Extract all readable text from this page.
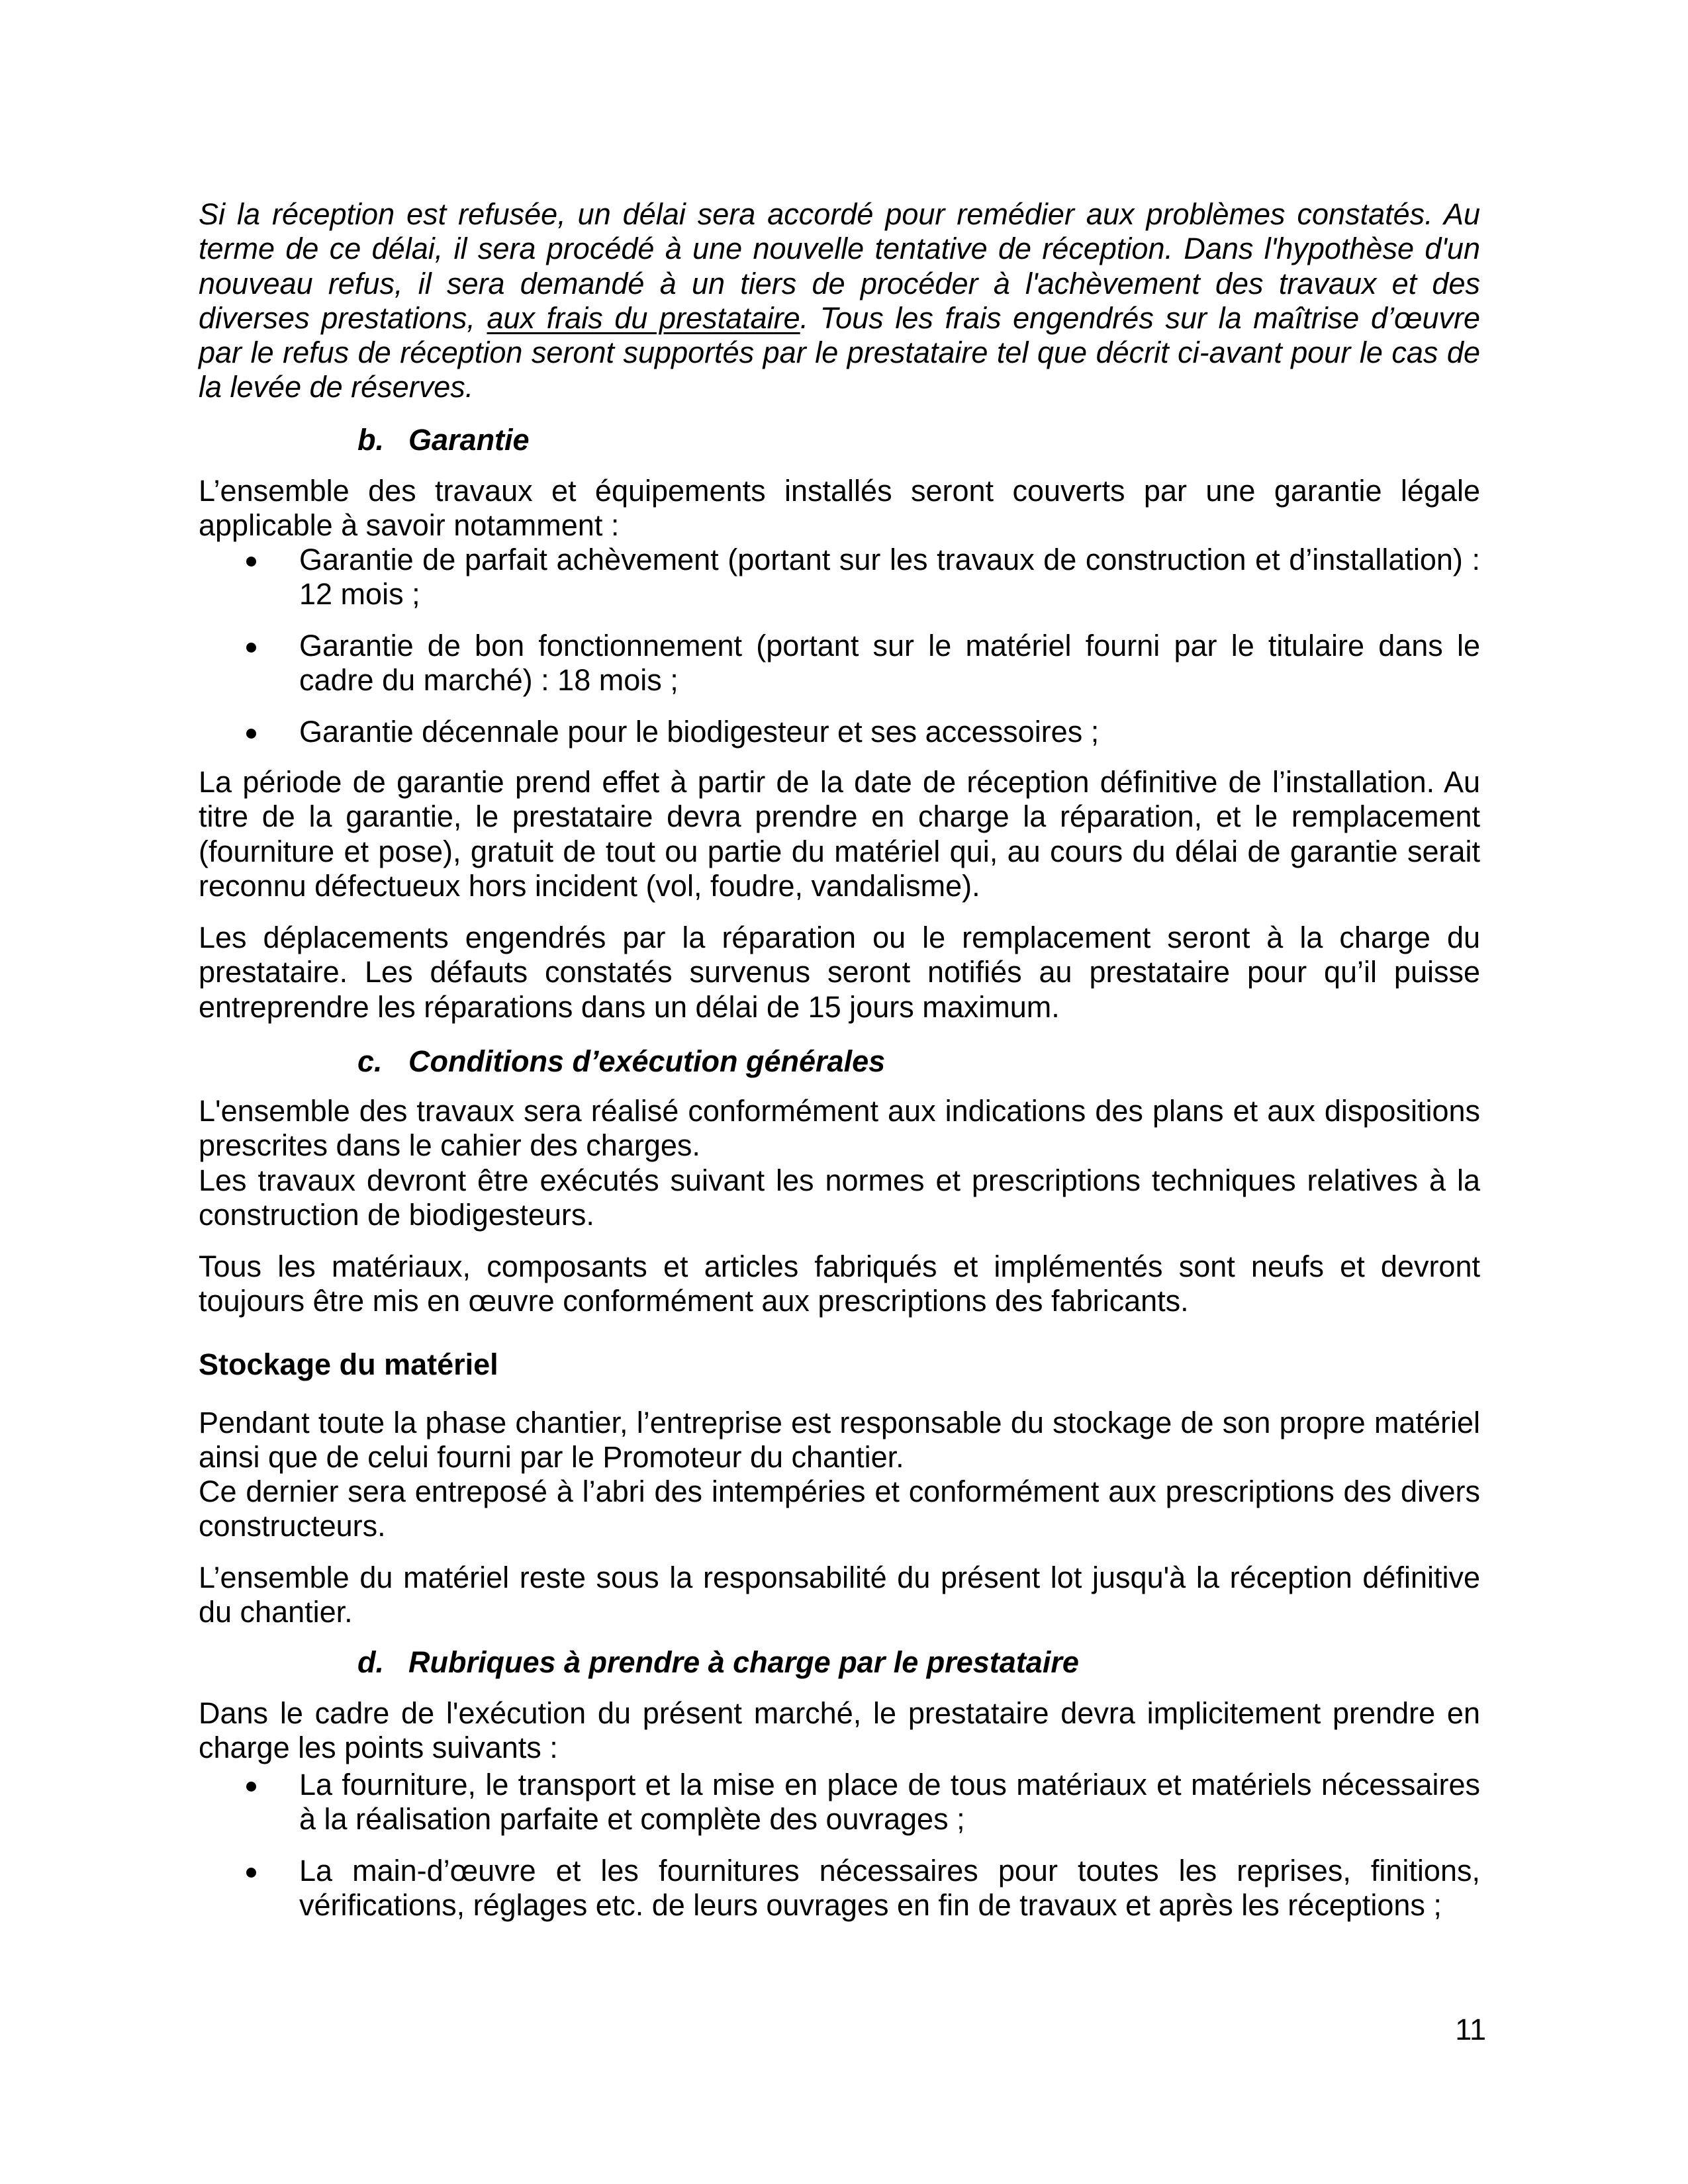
Si la réception est refusée, un délai sera accordé pour remédier aux problèmes constatés. Au terme de ce délai, il sera procédé à une nouvelle tentative de réception. Dans l'hypothèse d'un nouveau refus, il sera demandé à un tiers de procéder à l'achèvement des travaux et des diverses prestations, aux frais du prestataire. Tous les frais engendrés sur la maîtrise d’œuvre par le refus de réception seront supportés par le prestataire tel que décrit ci-avant pour le cas de la levée de réserves.

b. Garantie

L’ensemble des travaux et équipements installés seront couverts par une garantie légale applicable à savoir notamment :

Garantie de parfait achèvement (portant sur les travaux de construction et d’installation) : 12 mois ;
Garantie de bon fonctionnement (portant sur le matériel fourni par le titulaire dans le cadre du marché) : 18 mois ;
Garantie décennale pour le biodigesteur et ses accessoires ;

La période de garantie prend effet à partir de la date de réception définitive de l’installation. Au titre de la garantie, le prestataire devra prendre en charge la réparation, et le remplacement (fourniture et pose), gratuit de tout ou partie du matériel qui, au cours du délai de garantie serait reconnu défectueux hors incident (vol, foudre, vandalisme).

Les déplacements engendrés par la réparation ou le remplacement seront à la charge du prestataire. Les défauts constatés survenus seront notifiés au prestataire pour qu’il puisse entreprendre les réparations dans un délai de 15 jours maximum.

c. Conditions d’exécution générales

L'ensemble des travaux sera réalisé conformément aux indications des plans et aux dispositions prescrites dans le cahier des charges.

Les travaux devront être exécutés suivant les normes et prescriptions techniques relatives à la construction de biodigesteurs.

Tous les matériaux, composants et articles fabriqués et implémentés sont neufs et devront toujours être mis en œuvre conformément aux prescriptions des fabricants.

Stockage du matériel

Pendant toute la phase chantier, l’entreprise est responsable du stockage de son propre matériel ainsi que de celui fourni par le Promoteur du chantier.

Ce dernier sera entreposé à l’abri des intempéries et conformément aux prescriptions des divers constructeurs.

L’ensemble du matériel reste sous la responsabilité du présent lot jusqu'à la réception définitive du chantier.

d. Rubriques à prendre à charge par le prestataire

Dans le cadre de l'exécution du présent marché, le prestataire devra implicitement prendre en charge les points suivants :

La fourniture, le transport et la mise en place de tous matériaux et matériels nécessaires à la réalisation parfaite et complète des ouvrages ;
La main-d’œuvre et les fournitures nécessaires pour toutes les reprises, finitions, vérifications, réglages etc. de leurs ouvrages en fin de travaux et après les réceptions ;

11
